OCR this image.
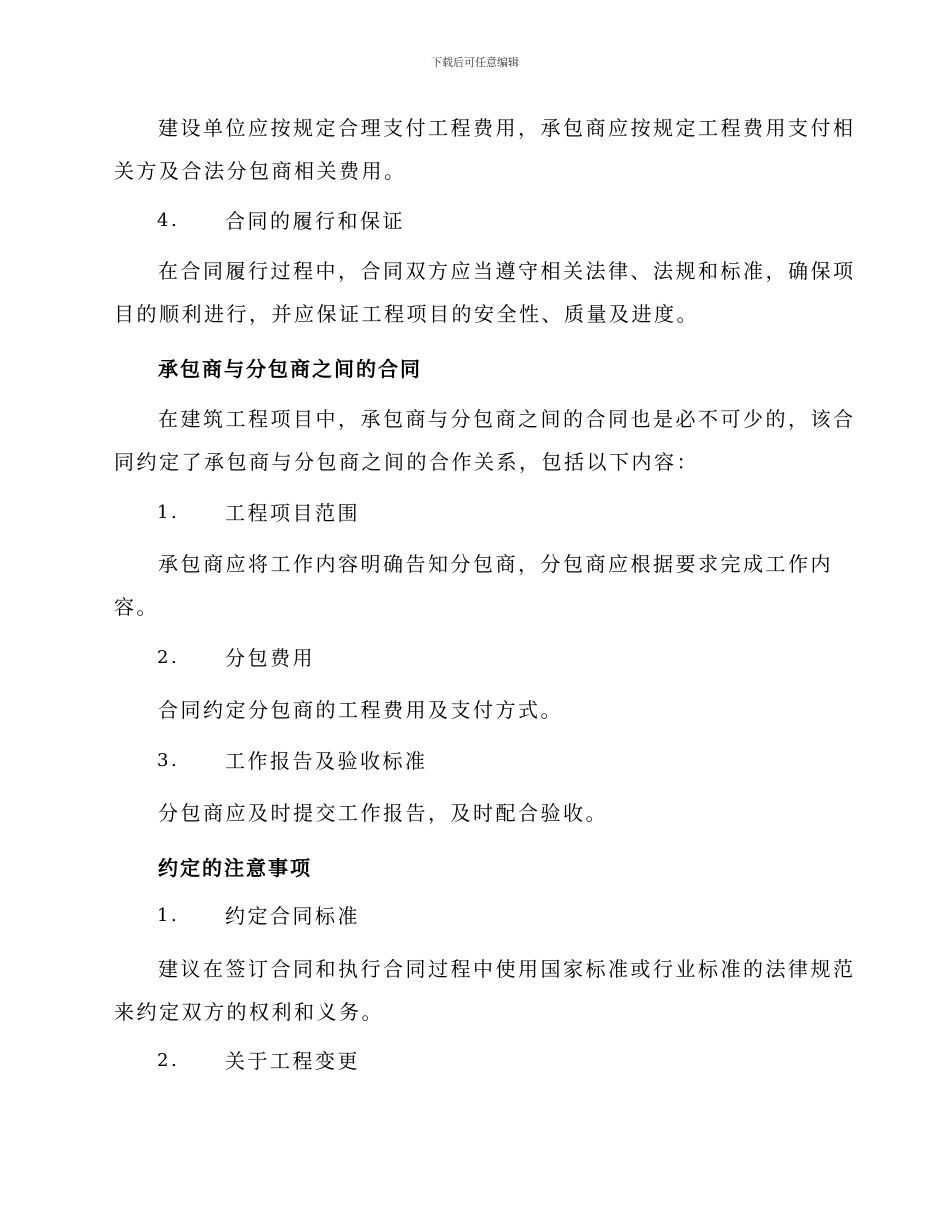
下载后可任意编辑
建设单位应按规定合理支付工程费用，承包商应按规定工程费用支付相
关方及合法分包商相关费用。
4. 合同的履行和保证
在合同履行过程中，合同双方应当遵守相关法律、法规和标准，确保项
目的顺利进行，并应保证工程项目的安全性、质量及进度。
承包商与分包商之间的合同
在建筑工程项目中，承包商与分包商之间的合同也是必不可少的，该合
同约定了承包商与分包商之间的合作关系，包括以下内容：
1. 工程项目范围
承包商应将工作内容明确告知分包商，分包商应根据要求完成工作内
容。
2. 分包费用
合同约定分包商的工程费用及支付方式。
3. 工作报告及验收标准
分包商应及时提交工作报告，及时配合验收。
约定的注意事项
1. 约定合同标准
建议在签订合同和执行合同过程中使用国家标准或行业标准的法律规范
来约定双方的权利和义务。
2. 关于工程变更
